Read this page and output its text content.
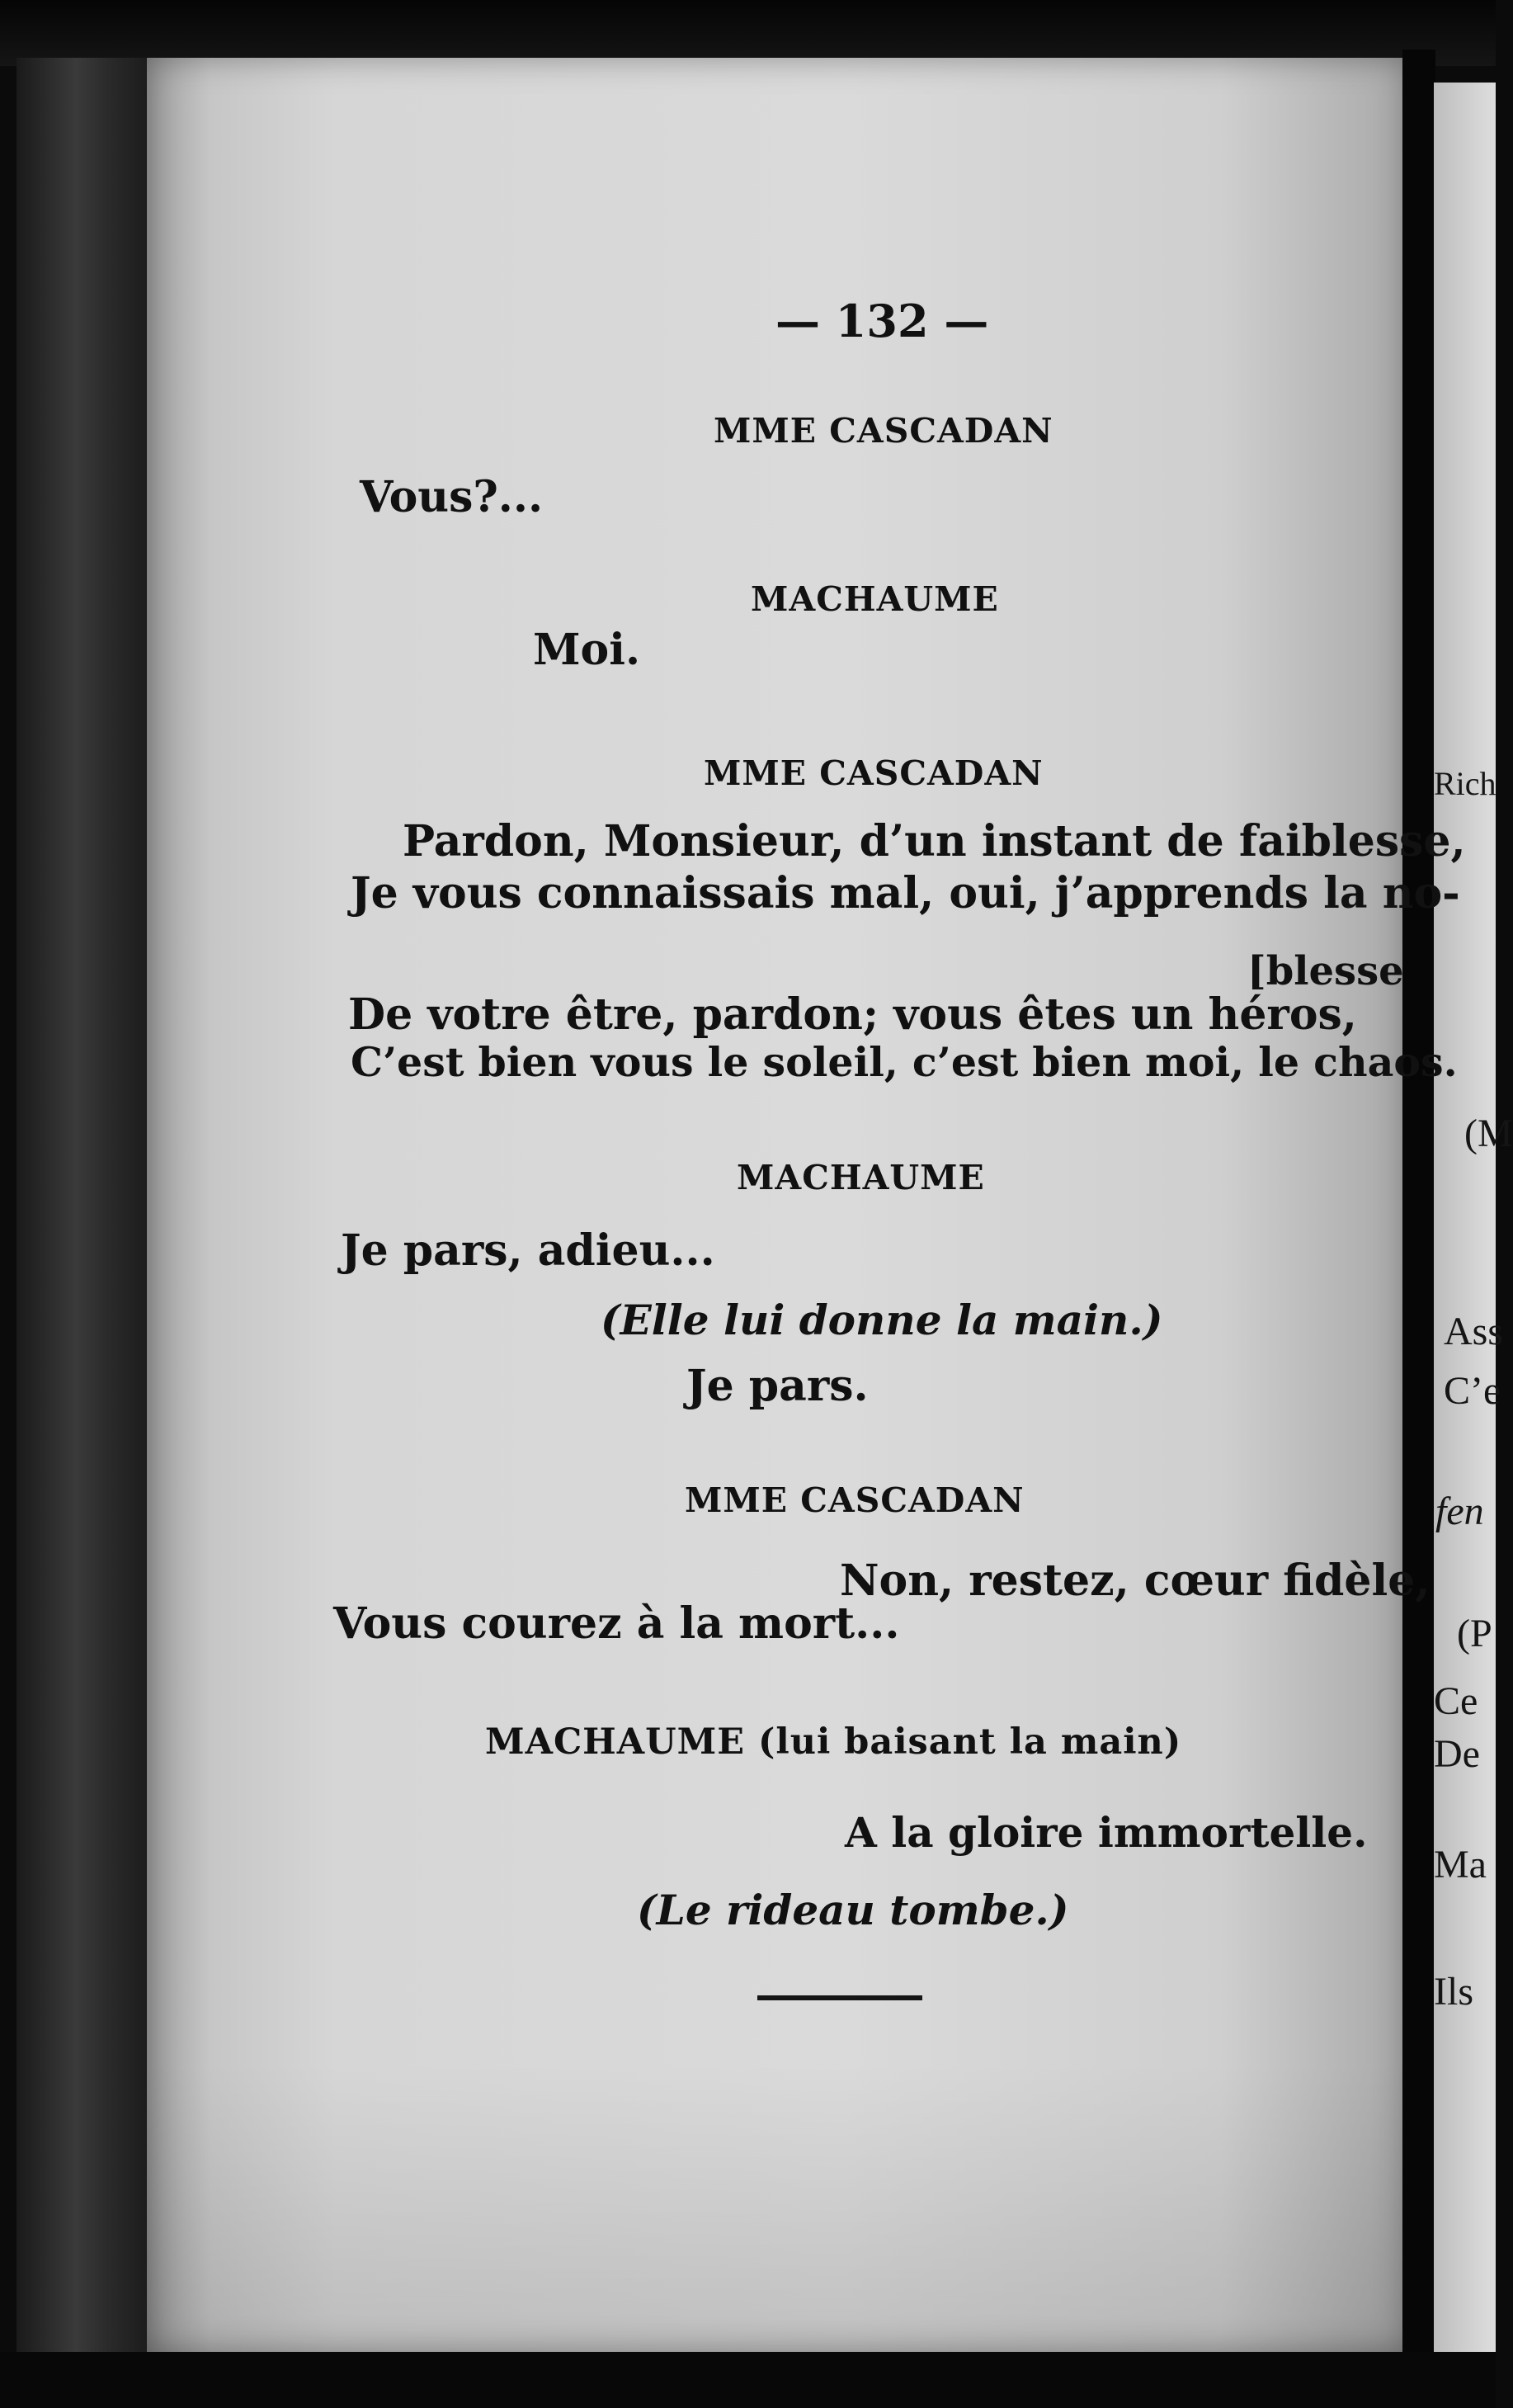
— 132 —
MME CASCADAN
Vous?...
MACHAUME
Moi.
MME CASCADAN
Pardon, Monsieur, d’un instant de faiblesse,
Je vous connaissais mal, oui, j’apprends la no-
[blesse
De votre être, pardon; vous êtes un héros,
C’est bien vous le soleil, c’est bien moi, le chaos.
MACHAUME
Je pars, adieu...
(Elle lui donne la main.)
Je pars.
MME CASCADAN
Non, restez, cœur fidèle,
Vous courez à la mort...
MACHAUME (lui baisant la main)
A la gloire immortelle.
(Le rideau tombe.)
Rich
(M
Ass
C’e
fen
(P
Ce
De
Ma
Ils
